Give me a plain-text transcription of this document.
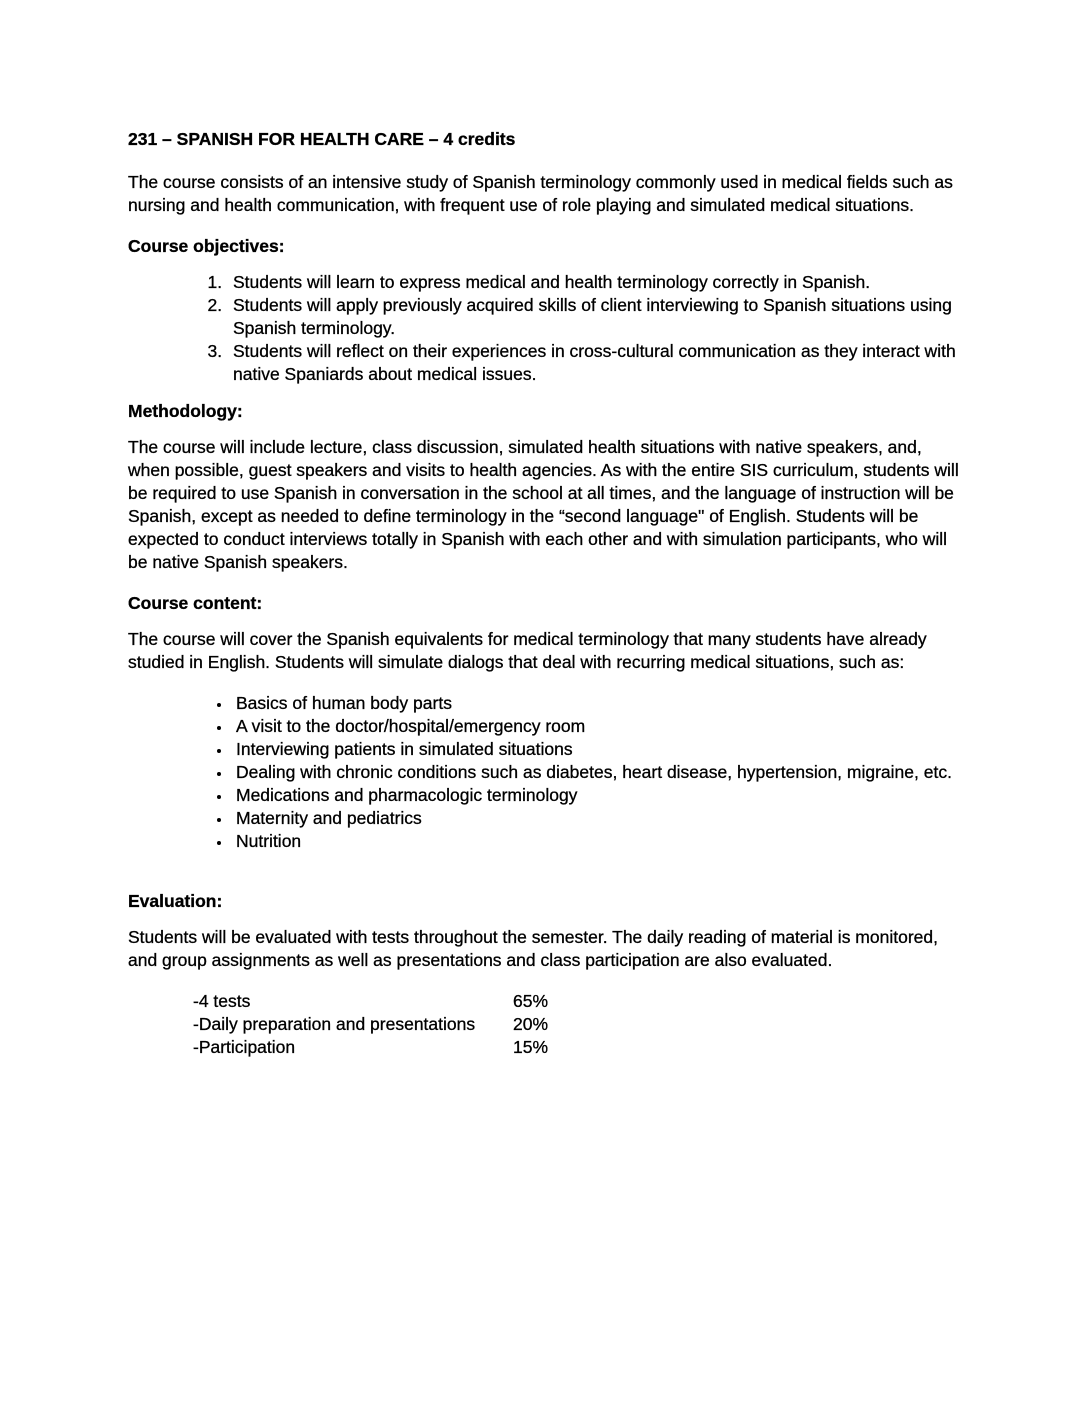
231 – SPANISH FOR HEALTH CARE – 4 credits

The course consists of an intensive study of Spanish terminology commonly used in medical fields such as nursing and health communication, with frequent use of role playing and simulated medical situations.

Course objectives:

1. Students will learn to express medical and health terminology correctly in Spanish.
2. Students will apply previously acquired skills of client interviewing to Spanish situations using Spanish terminology.
3. Students will reflect on their experiences in cross-cultural communication as they interact with native Spaniards about medical issues.

Methodology:

The course will include lecture, class discussion, simulated health situations with native speakers, and, when possible, guest speakers and visits to health agencies. As with the entire SIS curriculum, students will be required to use Spanish in conversation in the school at all times, and the language of instruction will be Spanish, except as needed to define terminology in the “second language" of English. Students will be expected to conduct interviews totally in Spanish with each other and with simulation participants, who will be native Spanish speakers.

Course content:

The course will cover the Spanish equivalents for medical terminology that many students have already studied in English. Students will simulate dialogs that deal with recurring medical situations, such as:

• Basics of human body parts
• A visit to the doctor/hospital/emergency room
• Interviewing patients in simulated situations
• Dealing with chronic conditions such as diabetes, heart disease, hypertension, migraine, etc.
• Medications and pharmacologic terminology
• Maternity and pediatrics
• Nutrition

Evaluation:

Students will be evaluated with tests throughout the semester. The daily reading of material is monitored, and group assignments as well as presentations and class participation are also evaluated.

-4 tests	65%
-Daily preparation and presentations	20%
-Participation	15%
